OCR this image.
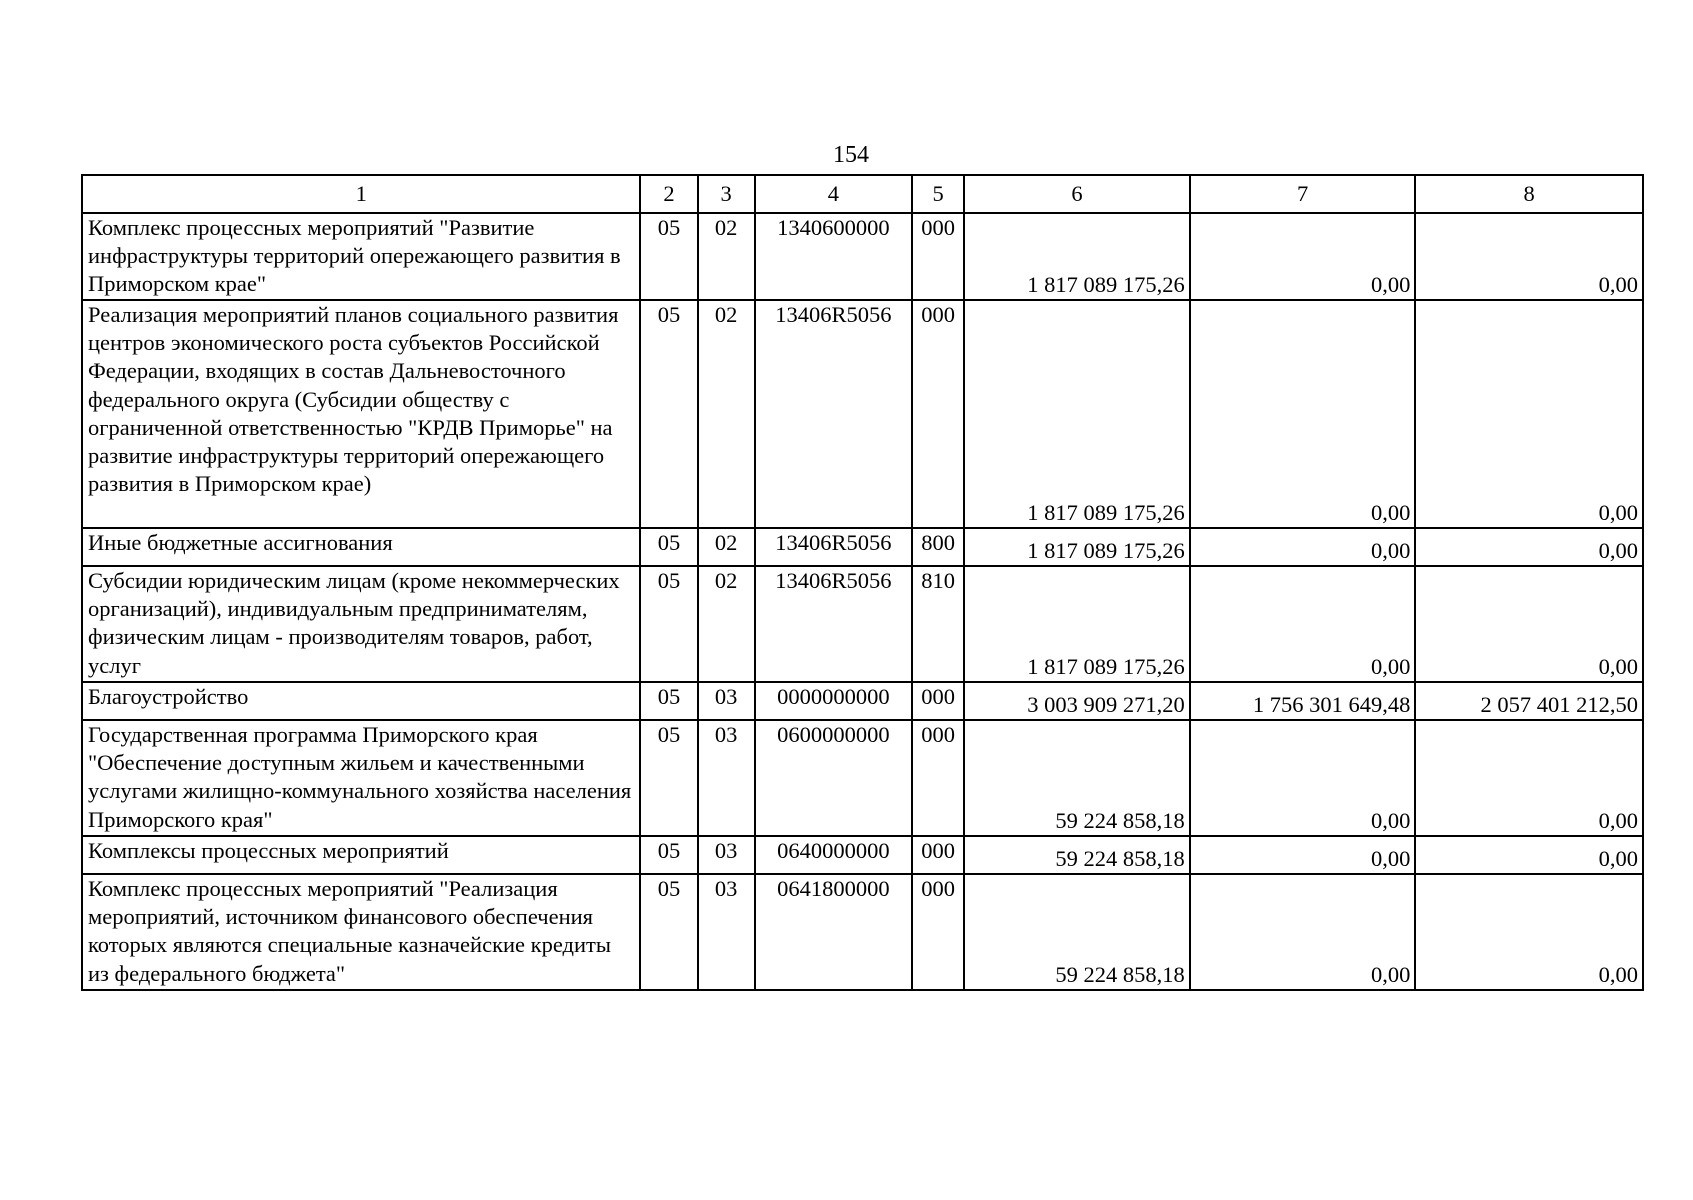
154
1	2	3	4	5	6	7	8
Комплекс процессных мероприятий "Развитие инфраструктуры территорий опережающего развития в Приморском крае"	05	02	1340600000	000	1 817 089 175,26	0,00	0,00
Реализация мероприятий планов социального развития центров экономического роста субъектов Российской Федерации, входящих в состав Дальневосточного федерального округа (Субсидии обществу с ограниченной ответственностью "КРДВ Приморье" на развитие инфраструктуры территорий опережающего развития в Приморском крае)	05	02	13406R5056	000	1 817 089 175,26	0,00	0,00
Иные бюджетные ассигнования	05	02	13406R5056	800	1 817 089 175,26	0,00	0,00
Субсидии юридическим лицам (кроме некоммерческих организаций), индивидуальным предпринимателям, физическим лицам - производителям товаров, работ, услуг	05	02	13406R5056	810	1 817 089 175,26	0,00	0,00
Благоустройство	05	03	0000000000	000	3 003 909 271,20	1 756 301 649,48	2 057 401 212,50
Государственная программа Приморского края "Обеспечение доступным жильем и качественными услугами жилищно-коммунального хозяйства населения Приморского края"	05	03	0600000000	000	59 224 858,18	0,00	0,00
Комплексы процессных мероприятий	05	03	0640000000	000	59 224 858,18	0,00	0,00
Комплекс процессных мероприятий "Реализация мероприятий, источником финансового обеспечения которых являются специальные казначейские кредиты из федерального бюджета"	05	03	0641800000	000	59 224 858,18	0,00	0,00
